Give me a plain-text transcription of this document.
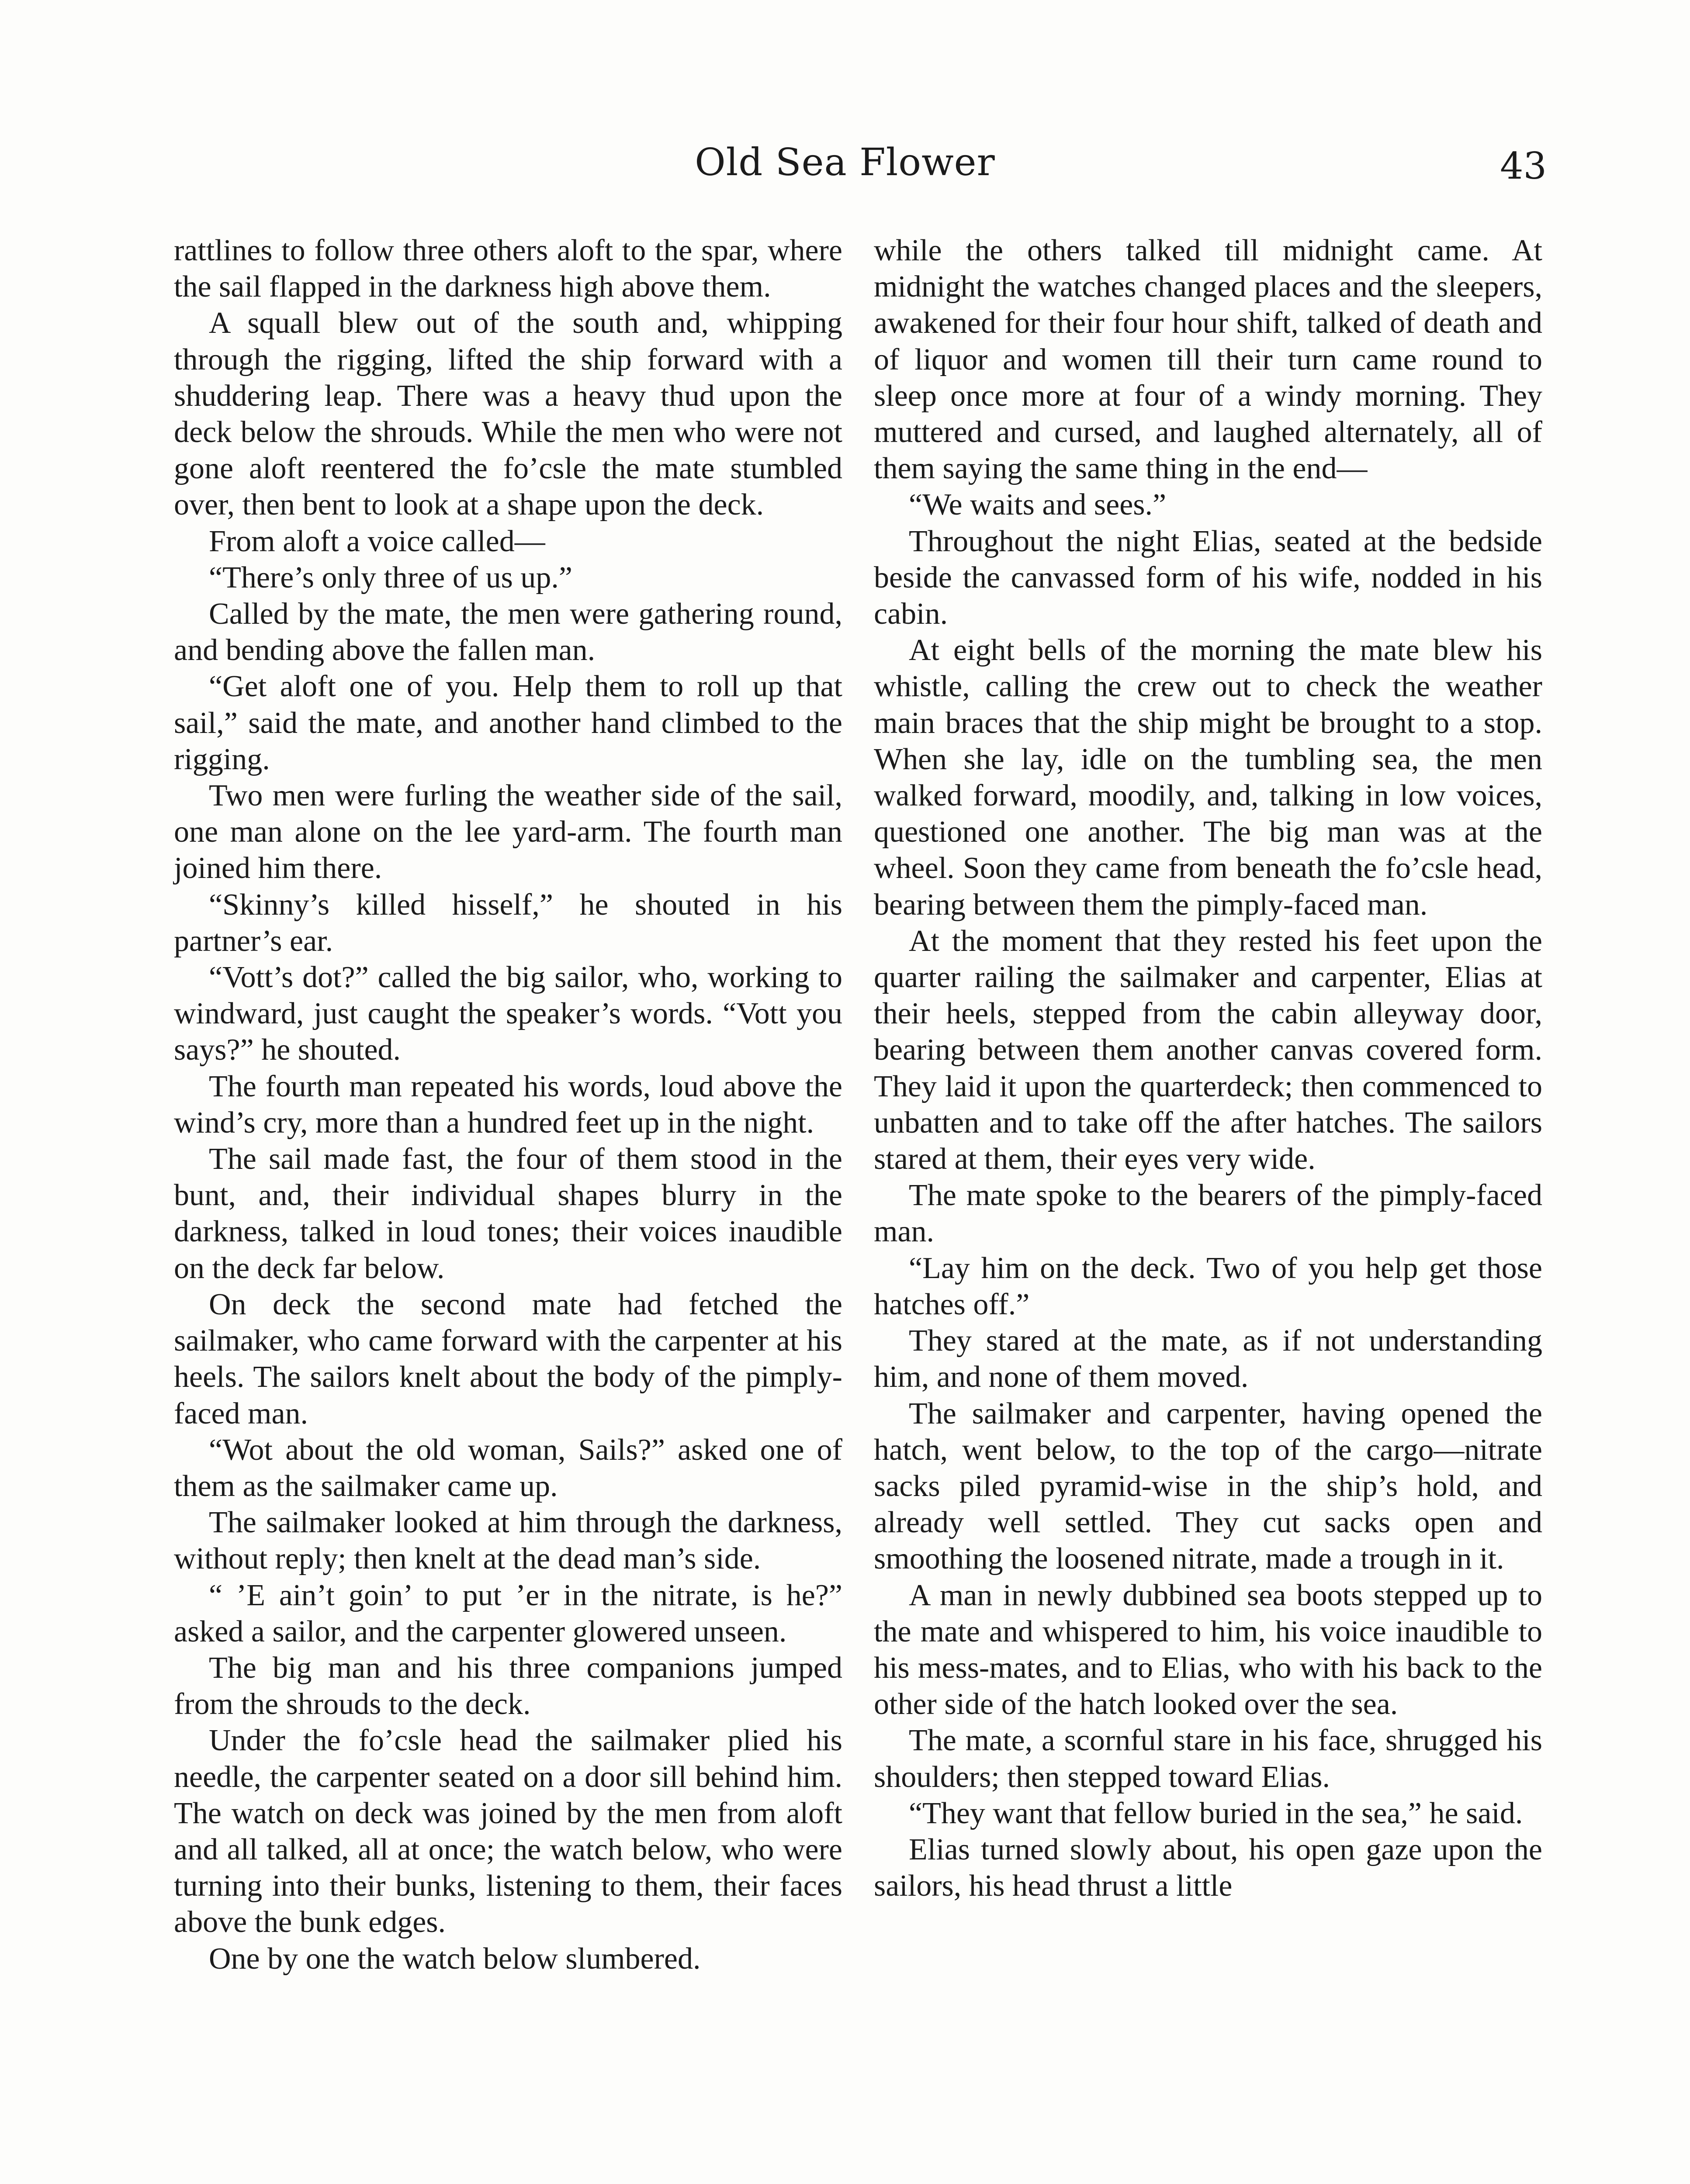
Old Sea Flower	43

rattlines to follow three others aloft to the spar, where the sail flapped in the darkness high above them.

A squall blew out of the south and, whipping through the rigging, lifted the ship forward with a shuddering leap. There was a heavy thud upon the deck below the shrouds. While the men who were not gone aloft reentered the fo’csle the mate stumbled over, then bent to look at a shape upon the deck.

From aloft a voice called—

“There’s only three of us up.”

Called by the mate, the men were gathering round, and bending above the fallen man.

“Get aloft one of you. Help them to roll up that sail,” said the mate, and another hand climbed to the rigging.

Two men were furling the weather side of the sail, one man alone on the lee yard-arm. The fourth man joined him there.

“Skinny’s killed hisself,” he shouted in his partner’s ear.

“Vott’s dot?” called the big sailor, who, working to windward, just caught the speaker’s words. “Vott you says?” he shouted.

The fourth man repeated his words, loud above the wind’s cry, more than a hundred feet up in the night.

The sail made fast, the four of them stood in the bunt, and, their individual shapes blurry in the darkness, talked in loud tones; their voices inaudible on the deck far below.

On deck the second mate had fetched the sailmaker, who came forward with the carpenter at his heels. The sailors knelt about the body of the pimply-faced man.

“Wot about the old woman, Sails?” asked one of them as the sailmaker came up.

The sailmaker looked at him through the darkness, without reply; then knelt at the dead man’s side.

“ ’E ain’t goin’ to put ’er in the nitrate, is he?” asked a sailor, and the carpenter glowered unseen.

The big man and his three companions jumped from the shrouds to the deck.

Under the fo’csle head the sailmaker plied his needle, the carpenter seated on a door sill behind him. The watch on deck was joined by the men from aloft and all talked, all at once; the watch below, who were turning into their bunks, listening to them, their faces above the bunk edges.

One by one the watch below slumbered.

while the others talked till midnight came. At midnight the watches changed places and the sleepers, awakened for their four hour shift, talked of death and of liquor and women till their turn came round to sleep once more at four of a windy morning. They muttered and cursed, and laughed alternately, all of them saying the same thing in the end—

“We waits and sees.”

Throughout the night Elias, seated at the bedside beside the canvassed form of his wife, nodded in his cabin.

At eight bells of the morning the mate blew his whistle, calling the crew out to check the weather main braces that the ship might be brought to a stop. When she lay, idle on the tumbling sea, the men walked forward, moodily, and, talking in low voices, questioned one another. The big man was at the wheel. Soon they came from beneath the fo’csle head, bearing between them the pimply-faced man.

At the moment that they rested his feet upon the quarter railing the sailmaker and carpenter, Elias at their heels, stepped from the cabin alleyway door, bearing between them another canvas covered form. They laid it upon the quarterdeck; then commenced to unbatten and to take off the after hatches. The sailors stared at them, their eyes very wide.

The mate spoke to the bearers of the pimply-faced man.

“Lay him on the deck. Two of you help get those hatches off.”

They stared at the mate, as if not understanding him, and none of them moved.

The sailmaker and carpenter, having opened the hatch, went below, to the top of the cargo—nitrate sacks piled pyramid-wise in the ship’s hold, and already well settled. They cut sacks open and smoothing the loosened nitrate, made a trough in it.

A man in newly dubbined sea boots stepped up to the mate and whispered to him, his voice inaudible to his mess-mates, and to Elias, who with his back to the other side of the hatch looked over the sea.

The mate, a scornful stare in his face, shrugged his shoulders; then stepped toward Elias.

“They want that fellow buried in the sea,” he said.

Elias turned slowly about, his open gaze upon the sailors, his head thrust a little
